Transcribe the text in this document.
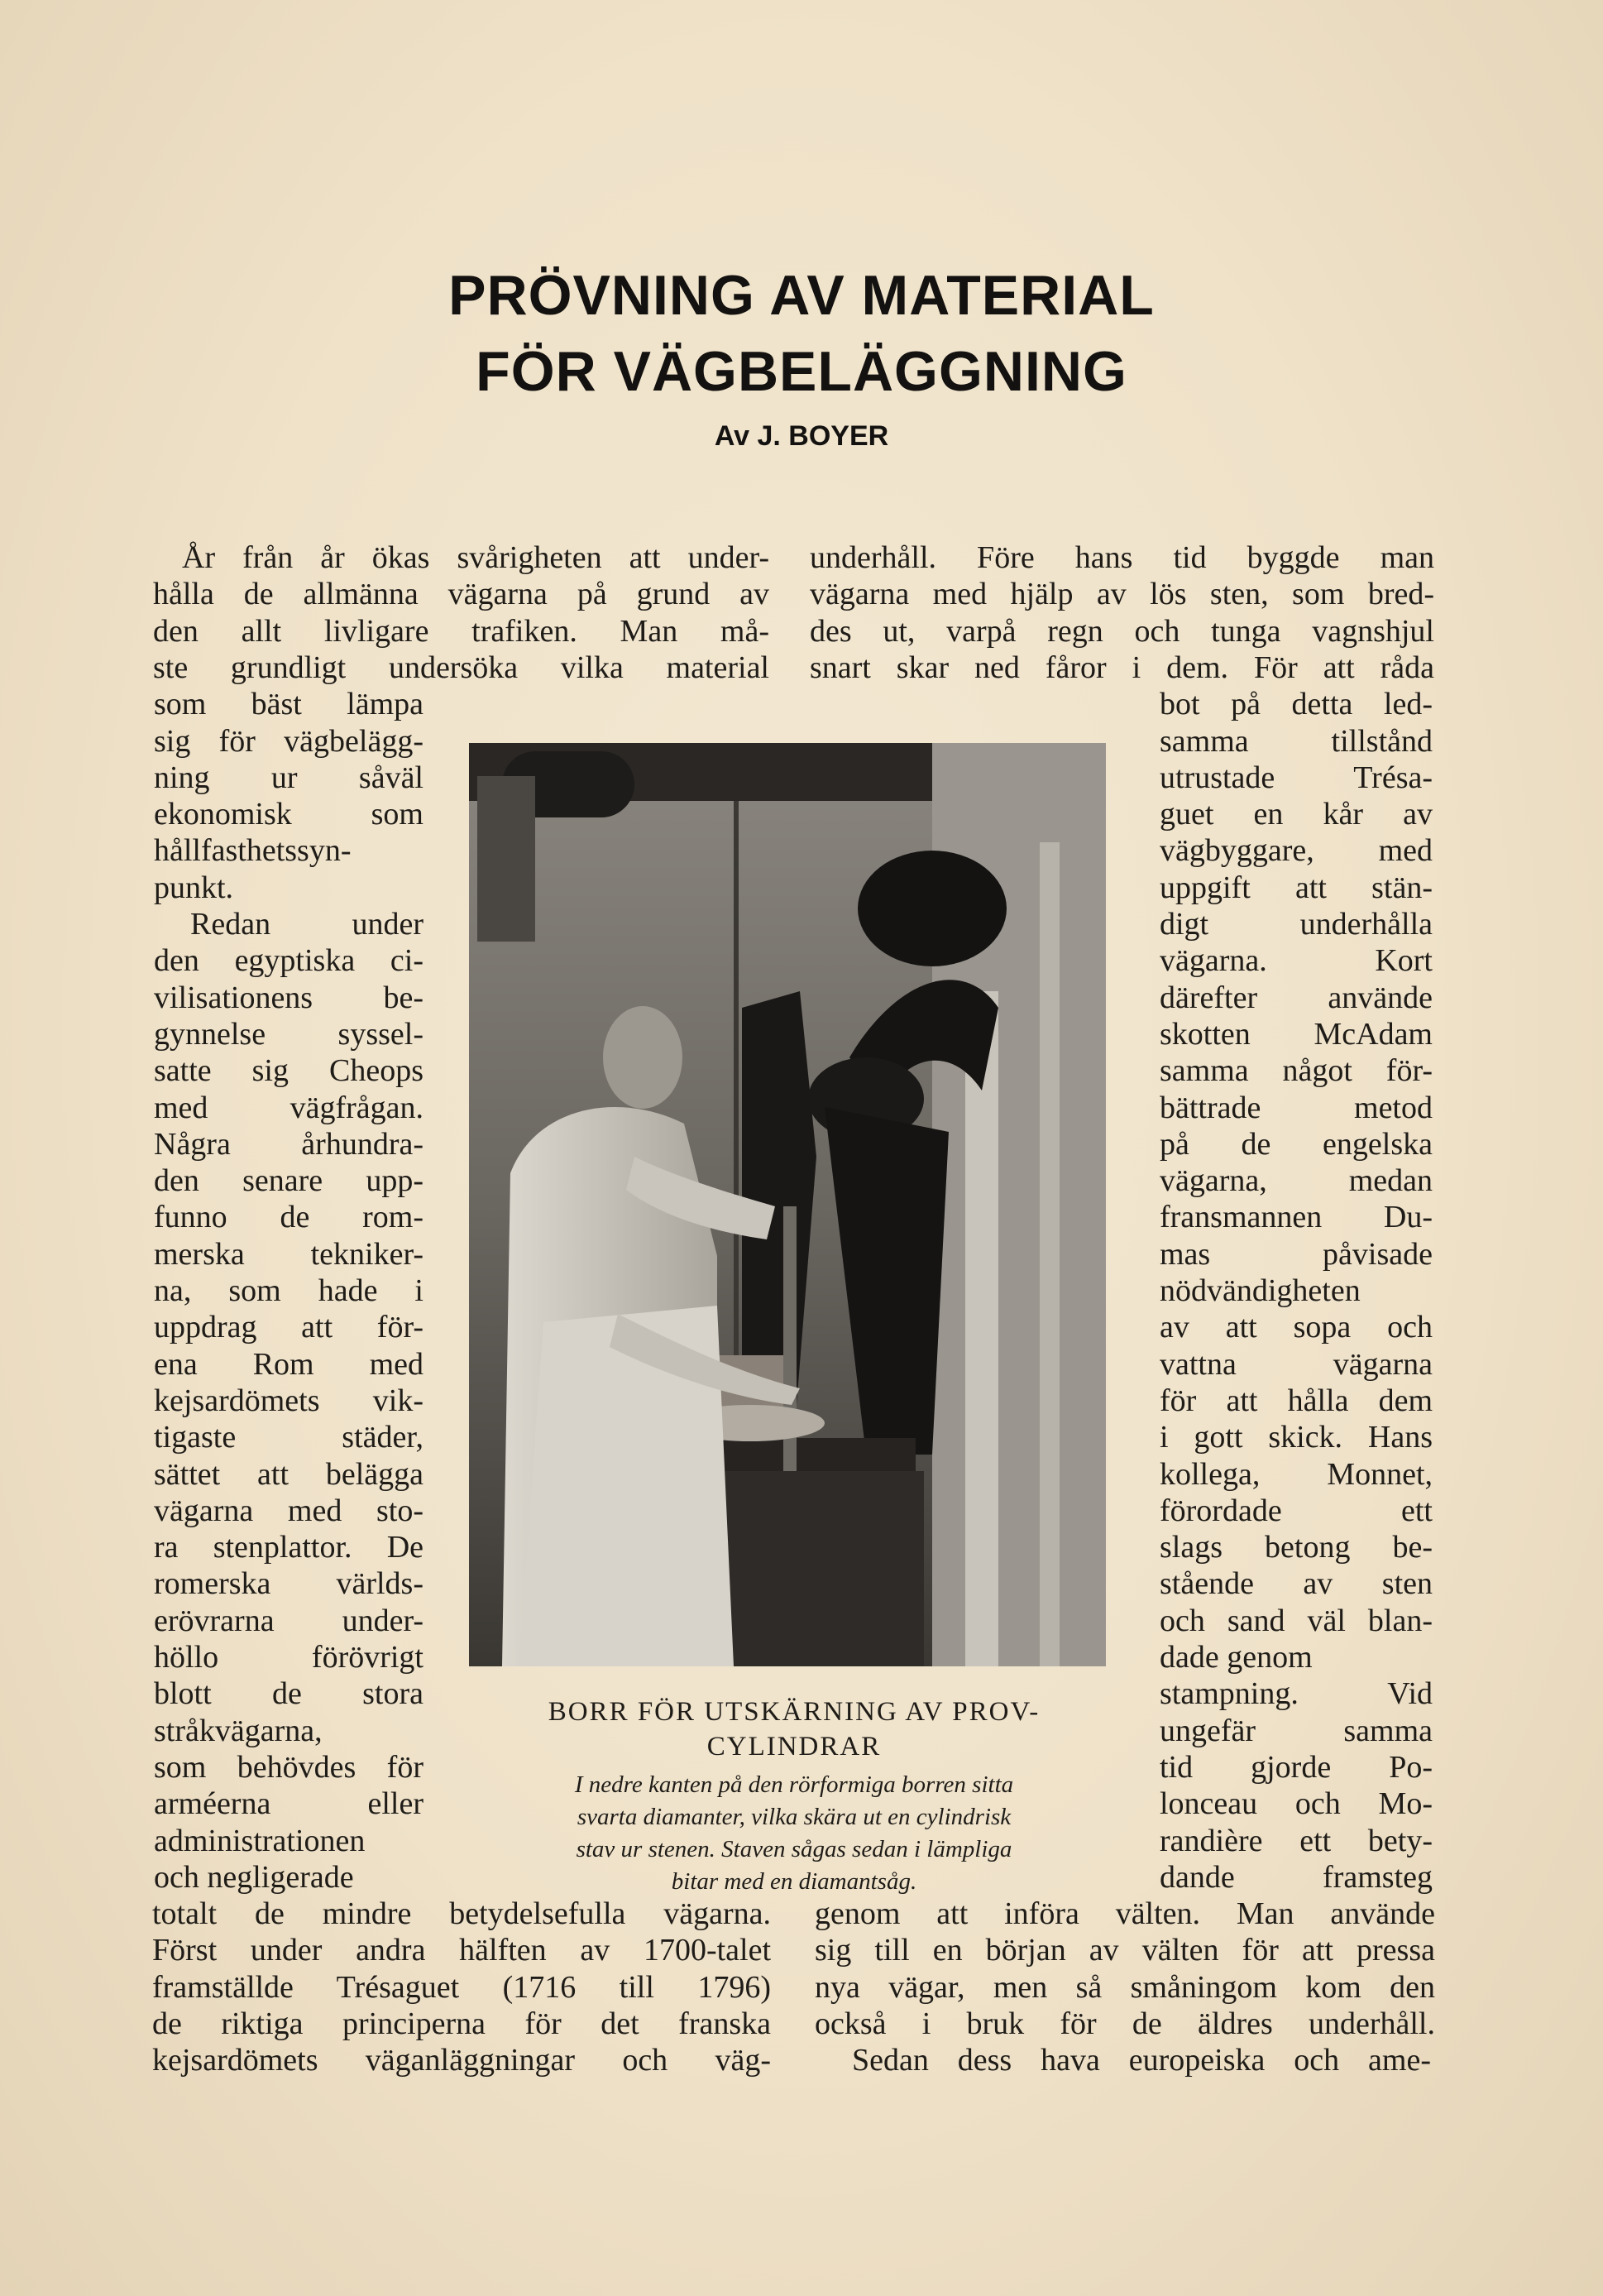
PRÖVNING AV MATERIAL
FÖR VÄGBELÄGGNING
Av J. BOYER
År från år ökas svårigheten att under-
hålla de allmänna vägarna på grund av
den allt livligare trafiken. Man må-
ste grundligt undersöka vilka material
som bäst lämpa
sig för vägbelägg-
ning ur såväl
ekonomisk som
hållfasthetssyn-
punkt.
Redan under
den egyptiska ci-
vilisationens be-
gynnelse syssel-
satte sig Cheops
med vägfrågan.
Några århundra-
den senare upp-
funno de rom-
merska tekniker-
na, som hade i
uppdrag att för-
ena Rom med
kejsardömets vik-
tigaste städer,
sättet att belägga
vägarna med sto-
ra stenplattor. De
romerska världs-
erövrarna under-
höllo förövrigt
blott de stora
stråkvägarna,
som behövdes för
arméerna eller
administrationen
och negligerade
totalt de mindre betydelsefulla vägarna.
Först under andra hälften av 1700-talet
framställde Trésaguet (1716 till 1796)
de riktiga principerna för det franska
kejsardömets väganläggningar och väg-
underhåll. Före hans tid byggde man
vägarna med hjälp av lös sten, som bred-
des ut, varpå regn och tunga vagnshjul
snart skar ned fåror i dem. För att råda
bot på detta led-
samma tillstånd
utrustade Trésa-
guet en kår av
vägbyggare, med
uppgift att stän-
digt underhålla
vägarna. Kort
därefter använde
skotten McAdam
samma något för-
bättrade metod
på de engelska
vägarna, medan
fransmannen Du-
mas påvisade
nödvändigheten
av att sopa och
vattna vägarna
för att hålla dem
i gott skick. Hans
kollega, Monnet,
förordade ett
slags betong be-
stående av sten
och sand väl blan-
dade genom
stampning. Vid
ungefär samma
tid gjorde Po-
lonceau och Mo-
randière ett bety-
dande framsteg
genom att införa välten. Man använde
sig till en början av välten för att pressa
nya vägar, men så småningom kom den
också i bruk för de äldres underhåll.
Sedan dess hava europeiska och ame-
BORR FÖR UTSKÄRNING AV PROV-
CYLINDRAR
I nedre kanten på den rörformiga borren sitta
svarta diamanter, vilka skära ut en cylindrisk
stav ur stenen. Staven sågas sedan i lämpliga
bitar med en diamantsåg.
